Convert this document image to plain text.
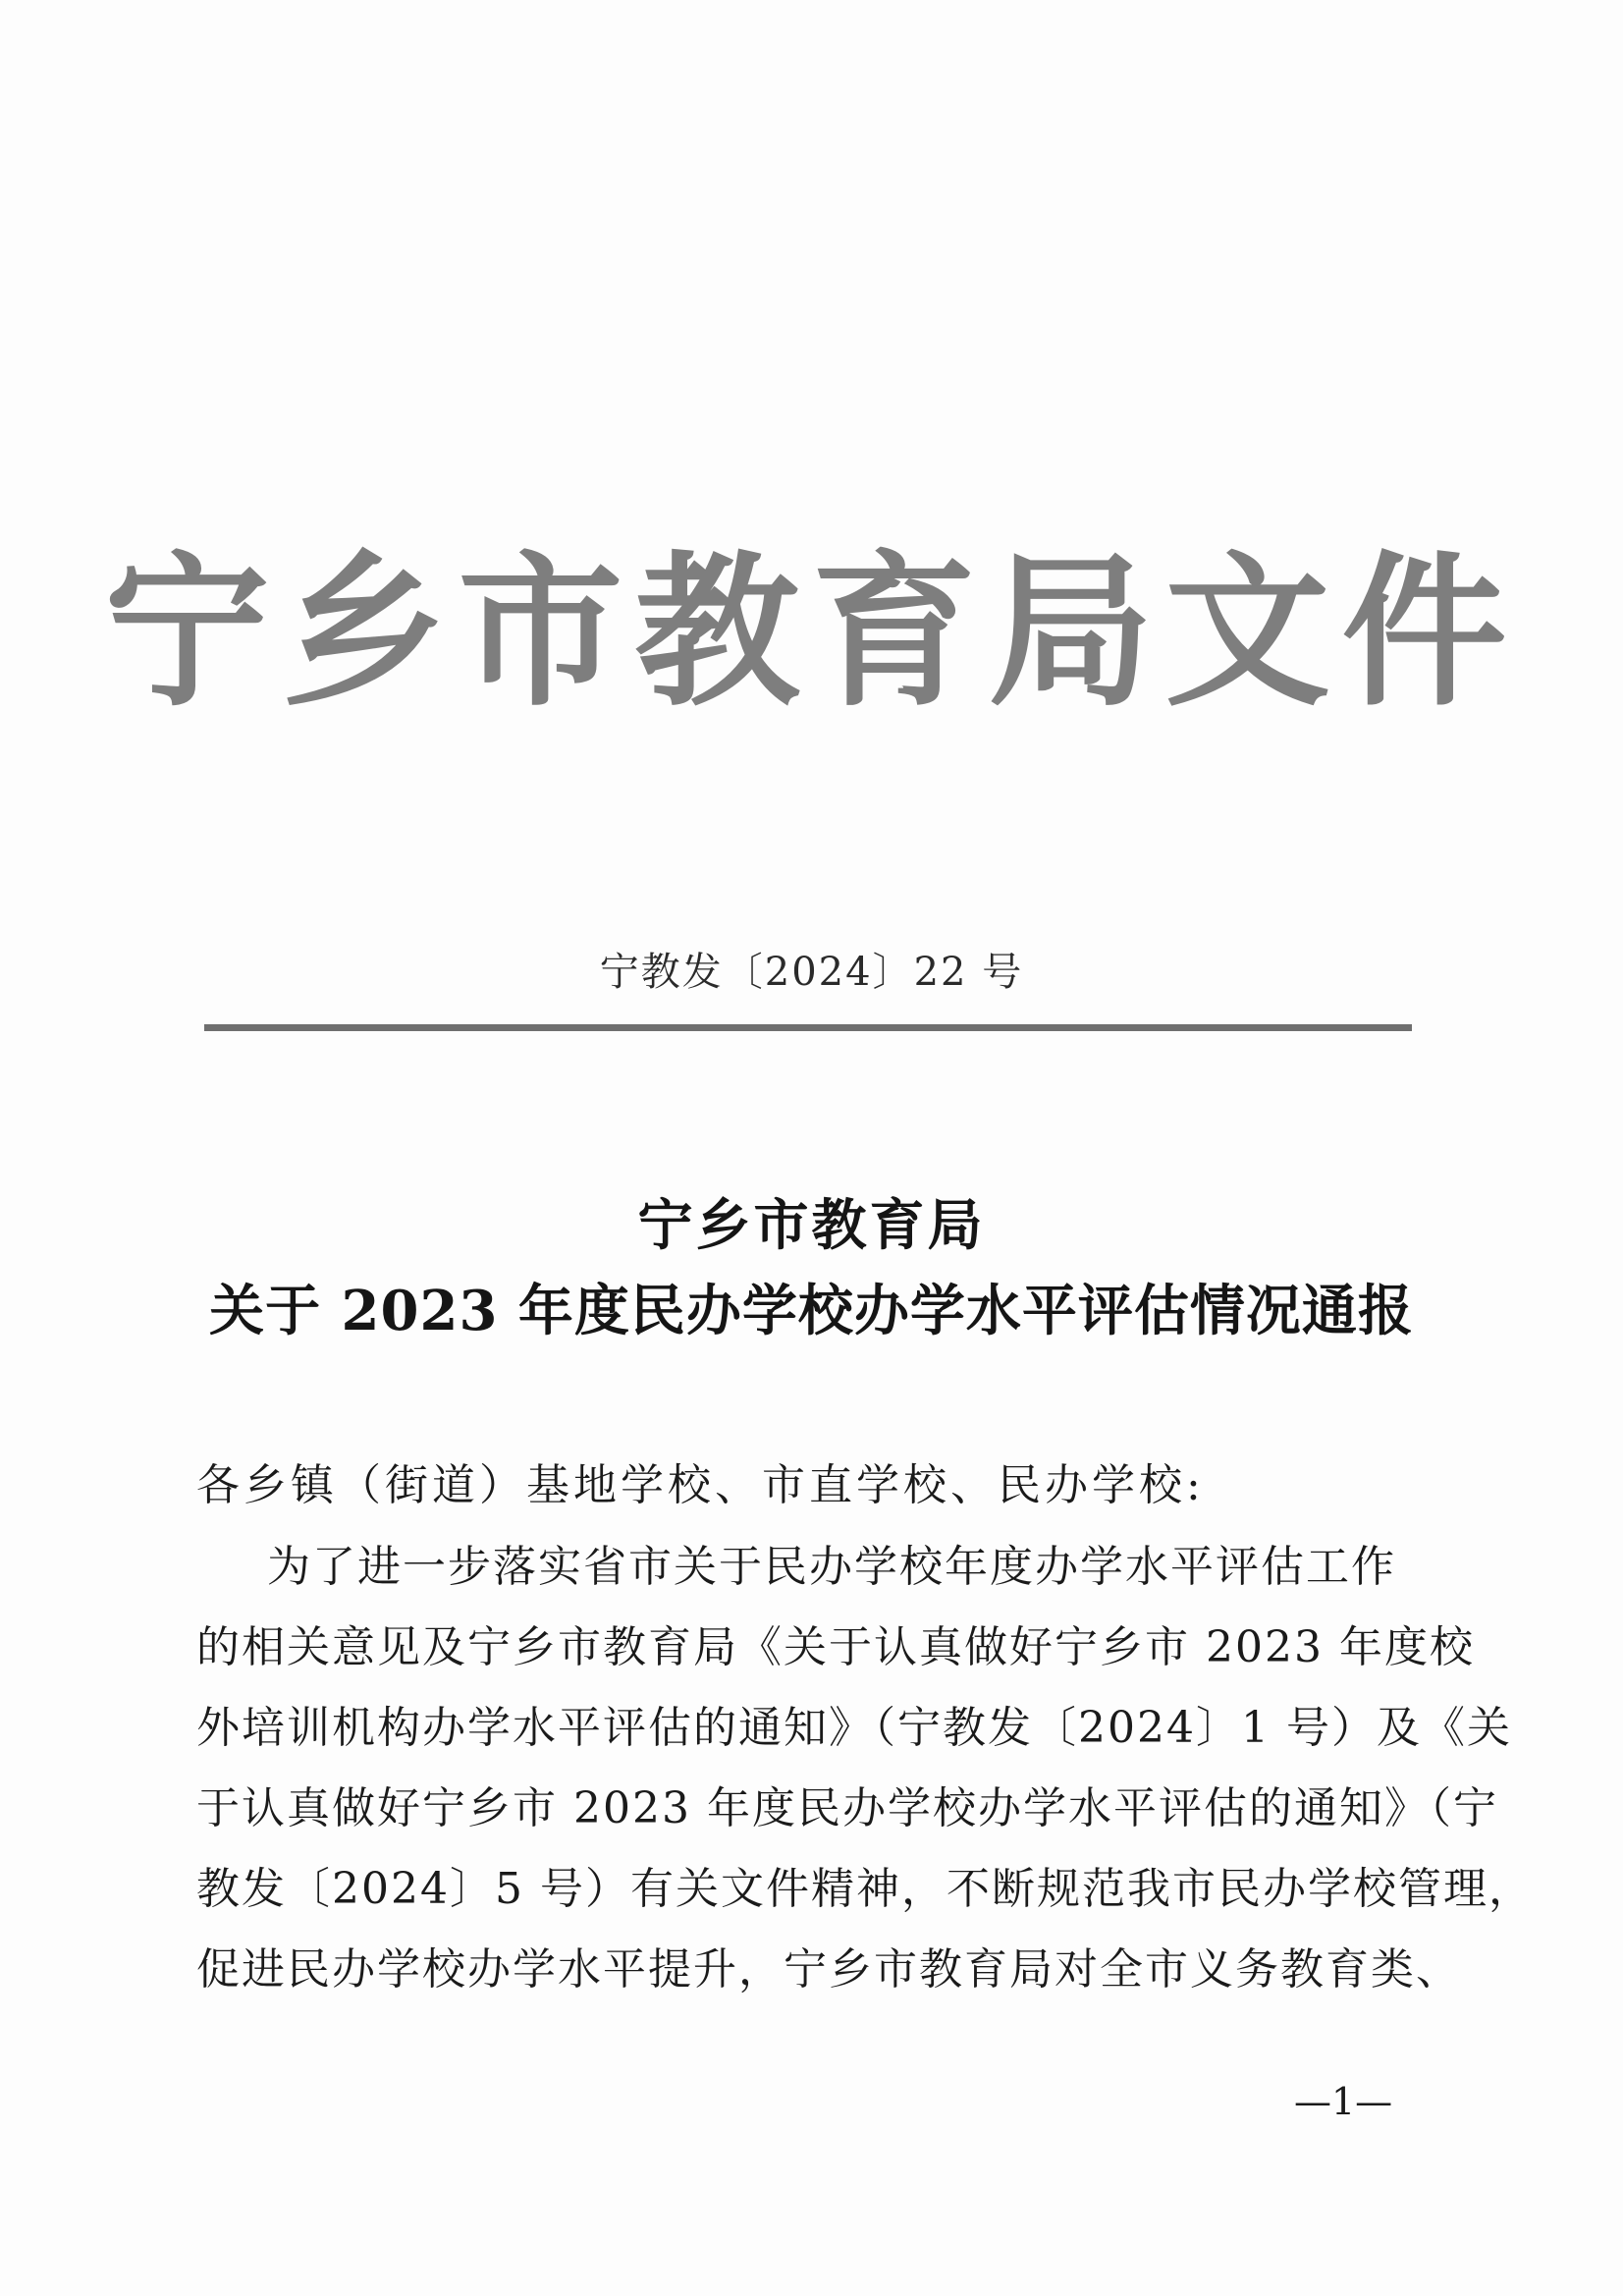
宁乡市教育局文件
宁教发〔2024〕22 号
宁乡市教育局
关于 2023 年度民办学校办学水平评估情况通报
各乡镇（街道）基地学校、市直学校、民办学校:
为了进一步落实省市关于民办学校年度办学水平评估工作
的相关意见及宁乡市教育局《关于认真做好宁乡市 2023 年度校
外培训机构办学水平评估的通知》（宁教发〔2024〕1 号）及《关
于认真做好宁乡市 2023 年度民办学校办学水平评估的通知》（宁
教发〔2024〕5 号）有关文件精神，不断规范我市民办学校管理，
促进民办学校办学水平提升，宁乡市教育局对全市义务教育类、
—1—
